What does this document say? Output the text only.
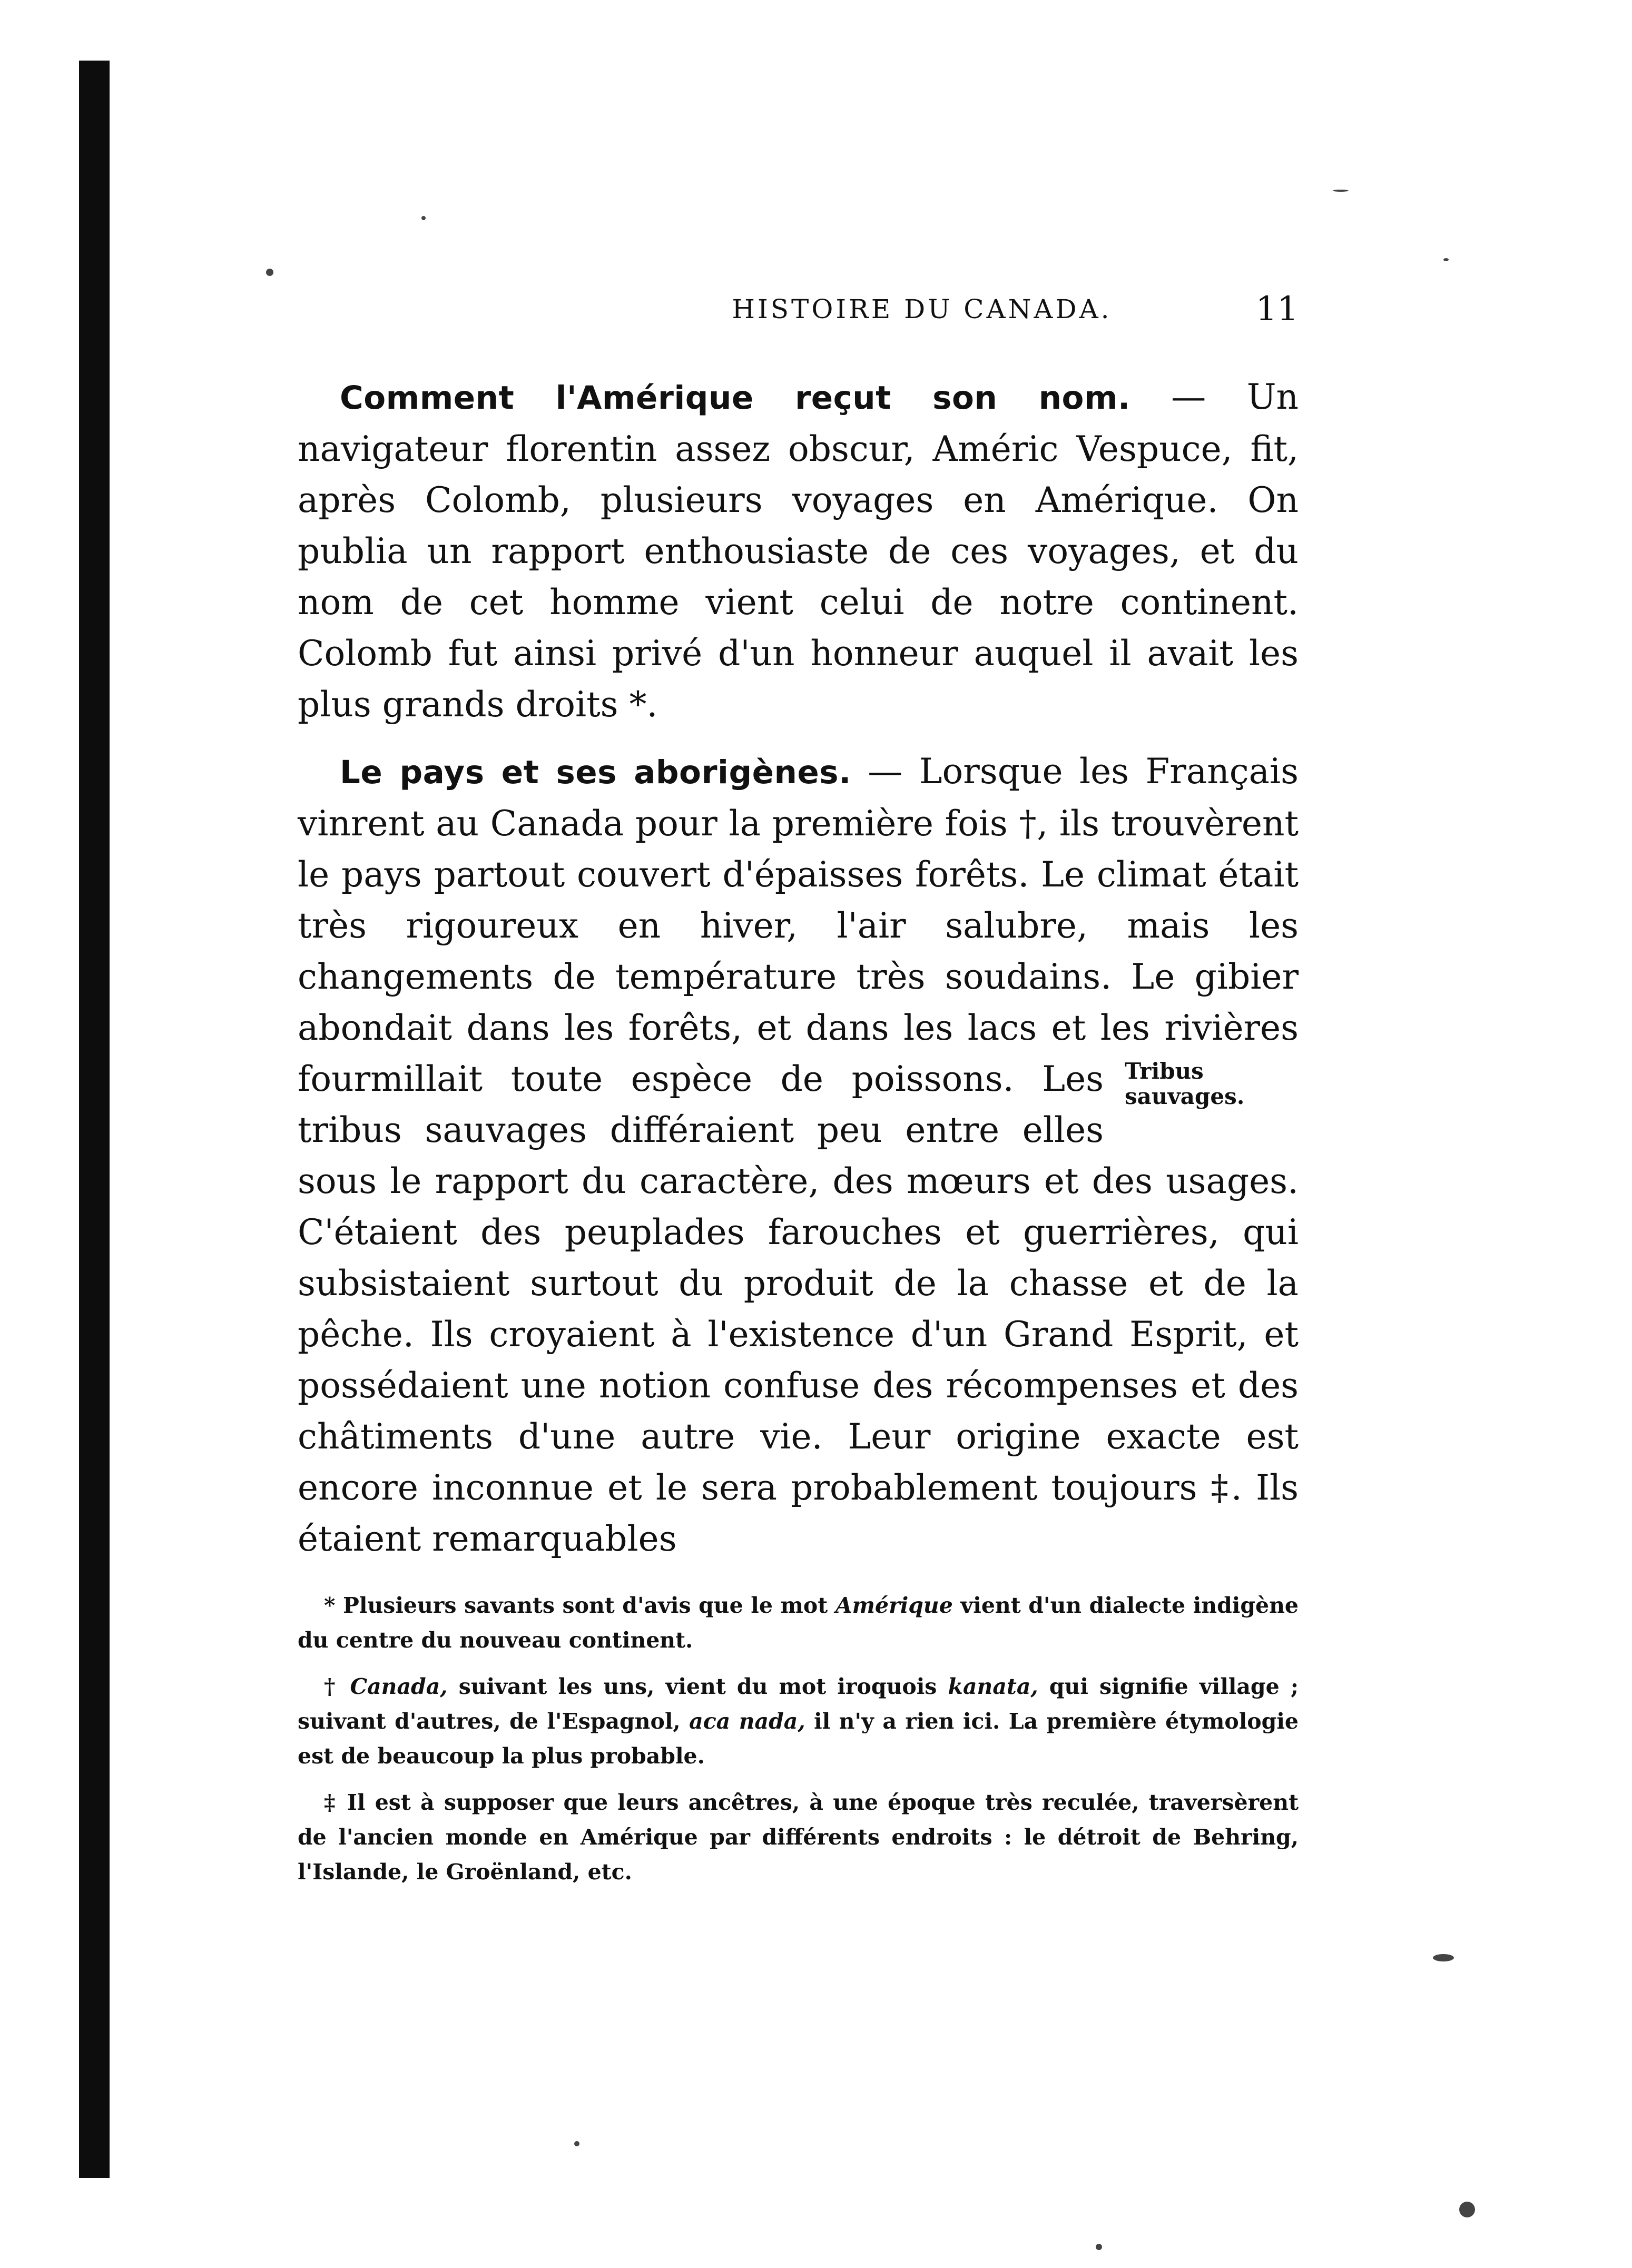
HISTOIRE DU CANADA.	11

Comment l'Amérique reçut son nom. — Un navigateur florentin assez obscur, Améric Vespuce, fit, après Colomb, plusieurs voyages en Amérique. On publia un rapport enthousiaste de ces voyages, et du nom de cet homme vient celui de notre continent. Colomb fut ainsi privé d'un honneur auquel il avait les plus grands droits *.

Le pays et ses aborigènes. — Lorsque les Français vinrent au Canada pour la première fois †, ils trouvèrent le pays partout couvert d'épaisses forêts. Le climat était très rigoureux en hiver, l'air salubre, mais les changements de température très soudains. Le gibier abondait dans les forêts, et dans les lacs et les rivières fourmillait toute espèce de poissons.	Tribus sauvages.
Les tribus sauvages différaient peu entre elles sous le rapport du caractère, des mœurs et des usages. C'étaient des peuplades farouches et guerrières, qui subsistaient surtout du produit de la chasse et de la pêche. Ils croyaient à l'existence d'un Grand Esprit, et possédaient une notion confuse des récompenses et des châtiments d'une autre vie. Leur origine exacte est encore inconnue et le sera probablement toujours ‡. Ils étaient remarquables

* Plusieurs savants sont d'avis que le mot Amérique vient d'un dialecte indigène du centre du nouveau continent.

† Canada, suivant les uns, vient du mot iroquois kanata, qui signifie village ; suivant d'autres, de l'Espagnol, aca nada, il n'y a rien ici. La première étymologie est de beaucoup la plus probable.

‡ Il est à supposer que leurs ancêtres, à une époque très reculée, traversèrent de l'ancien monde en Amérique par différents endroits : le détroit de Behring, l'Islande, le Groënland, etc.
